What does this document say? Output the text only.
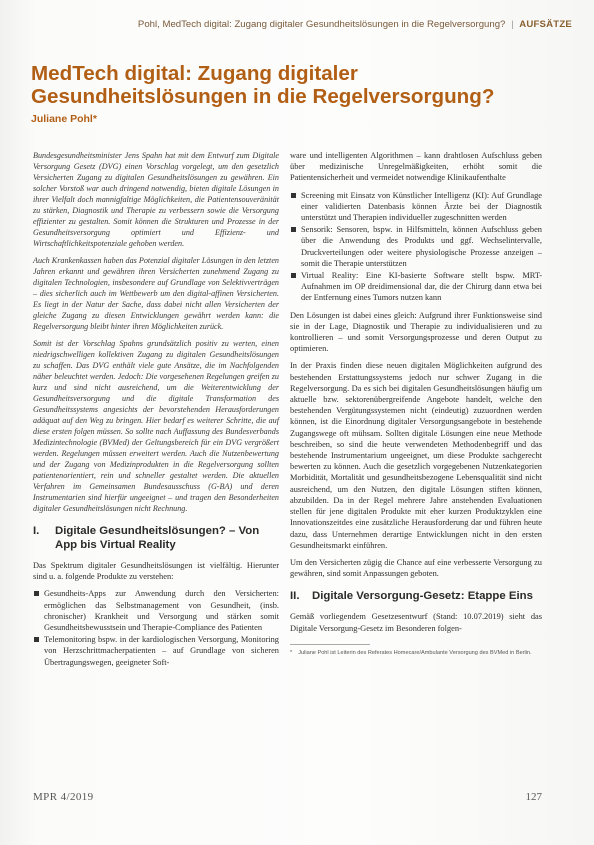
Pohl, MedTech digital: Zugang digitaler Gesundheitslösungen in die Regelversorgung? | AUFSÄTZE
MedTech digital: Zugang digitaler Gesundheitslösungen in die Regelversorgung?
Juliane Pohl*

Bundesgesundheitsminister Jens Spahn hat mit dem Entwurf zum Digitale Versorgung Gesetz (DVG) einen Vorschlag vorgelegt, um den gesetzlich Versicherten Zugang zu digitalen Gesundheitslösungen zu gewähren. Ein solcher Vorstoß war auch dringend notwendig, bieten digitale Lösungen in ihrer Vielfalt doch mannigfaltige Möglichkeiten, die Patientensouveränität zu stärken, Diagnostik und Therapie zu verbessern sowie die Versorgung effizienter zu gestalten. Somit können die Strukturen und Prozesse in der Gesundheitsversorgung optimiert und Effizienz- und Wirtschaftlichkeitspotenziale gehoben werden.

Auch Krankenkassen haben das Potenzial digitaler Lösungen in den letzten Jahren erkannt und gewähren ihren Versicherten zunehmend Zugang zu digitalen Technologien, insbesondere auf Grundlage von Selektivverträgen – dies sicherlich auch im Wettbewerb um den digital-affinen Versicherten. Es liegt in der Natur der Sache, dass dabei nicht allen Versicherten der gleiche Zugang zu diesen Entwicklungen gewährt werden kann: die Regelversorgung bleibt hinter ihren Möglichkeiten zurück.

Somit ist der Vorschlag Spahns grundsätzlich positiv zu werten, einen niedrigschwelligen kollektiven Zugang zu digitalen Gesundheitslösungen zu schaffen. Das DVG enthält viele gute Ansätze, die im Nachfolgenden näher beleuchtet werden. Jedoch: Die vorgesehenen Regelungen greifen zu kurz und sind nicht ausreichend, um die Weiterentwicklung der Gesundheitsversorgung und die digitale Transformation des Gesundheitssystems angesichts der bevorstehenden Herausforderungen adäquat auf den Weg zu bringen. Hier bedarf es weiterer Schritte, die auf diese ersten folgen müssen. So sollte nach Auffassung des Bundesverbands Medizintechnologie (BVMed) der Geltungsbereich für ein DVG vergrößert werden. Regelungen müssen erweitert werden. Auch die Nutzenbewertung und der Zugang von Medizinprodukten in die Regelversorgung sollten patientenorientiert, rein und schneller gestaltet werden. Die aktuellen Verfahren im Gemeinsamen Bundesausschuss (G-BA) und deren Instrumentarien sind hierfür ungeeignet – und tragen den Besonderheiten digitaler Gesundheitslösungen nicht Rechnung.

I.	Digitale Gesundheitslösungen? – Von App bis Virtual Reality

Das Spektrum digitaler Gesundheitslösungen ist vielfältig. Hierunter sind u. a. folgende Produkte zu verstehen:

Gesundheits-Apps zur Anwendung durch den Versicherten: ermöglichen das Selbstmanagement von Gesundheit, (insb. chronischer) Krankheit und Versorgung und stärken somit Gesundheitsbewusstsein und Therapie-Compliance des Patienten
Telemonitoring bspw. in der kardiologischen Versorgung, Monitoring von Herzschrittmacherpatienten – auf Grundlage von sicheren Übertragungswegen, geeigneter Soft-

ware und intelligenten Algorithmen – kann drahtlosen Aufschluss geben über medizinische Unregelmäßigkeiten, erhöht somit die Patientensicherheit und vermeidet notwendige Klinikaufenthalte

Screening mit Einsatz von Künstlicher Intelligenz (KI): Auf Grundlage einer validierten Datenbasis können Ärzte bei der Diagnostik unterstützt und Therapien individueller zugeschnitten werden
Sensorik: Sensoren, bspw. in Hilfsmitteln, können Aufschluss geben über die Anwendung des Produkts und ggf. Wechselintervalle, Druckverteilungen oder weitere physiologische Prozesse anzeigen – somit die Therapie unterstützen
Virtual Reality: Eine KI-basierte Software stellt bspw. MRT-Aufnahmen im OP dreidimensional dar, die der Chirurg dann etwa bei der Entfernung eines Tumors nutzen kann

Den Lösungen ist dabei eines gleich: Aufgrund ihrer Funktionsweise sind sie in der Lage, Diagnostik und Therapie zu individualisieren und zu kontrollieren – und somit Versorgungsprozesse und deren Output zu optimieren.

In der Praxis finden diese neuen digitalen Möglichkeiten aufgrund des bestehenden Erstattungssystems jedoch nur schwer Zugang in die Regelversorgung. Da es sich bei digitalen Gesundheitslösungen häufig um aktuelle bzw. sektorenübergreifende Angebote handelt, welche den bestehenden Vergütungssystemen nicht (eindeutig) zuzuordnen werden können, ist die Einordnung digitaler Versorgungsangebote in bestehende Zugangswege oft mühsam. Sollten digitale Lösungen eine neue Methode beschreiben, so sind die heute verwendeten Methodenbegriff und das bestehende Instrumentarium ungeeignet, um diese Produkte sachgerecht bewerten zu können. Auch die gesetzlich vorgegebenen Nutzenkategorien Morbidität, Mortalität und gesundheitsbezogene Lebensqualität sind nicht ausreichend, um den Nutzen, den digitale Lösungen stiften können, abzubilden. Da in der Regel mehrere Jahre anstehenden Evaluationen stellen für jene digitalen Produkte mit eher kurzen Produktzyklen eine Innovationszeitdes eine zusätzliche Herausforderung dar und führen heute dazu, dass Unternehmen derartige Entwicklungen nicht in den ersten Gesundheitsmarkt einführen.

Um den Versicherten zügig die Chance auf eine verbesserte Versorgung zu gewähren, sind somit Anpassungen geboten.

II.	Digitale Versorgung-Gesetz: Etappe Eins

Gemäß vorliegendem Gesetzesentwurf (Stand: 10.07.2019) sieht das Digitale Versorgung-Gesetz im Besonderen folgen-

* Juliane Pohl ist Leiterin des Referates Homecare/Ambulante Versorgung des BVMed in Berlin.
MPR 4/2019	127
